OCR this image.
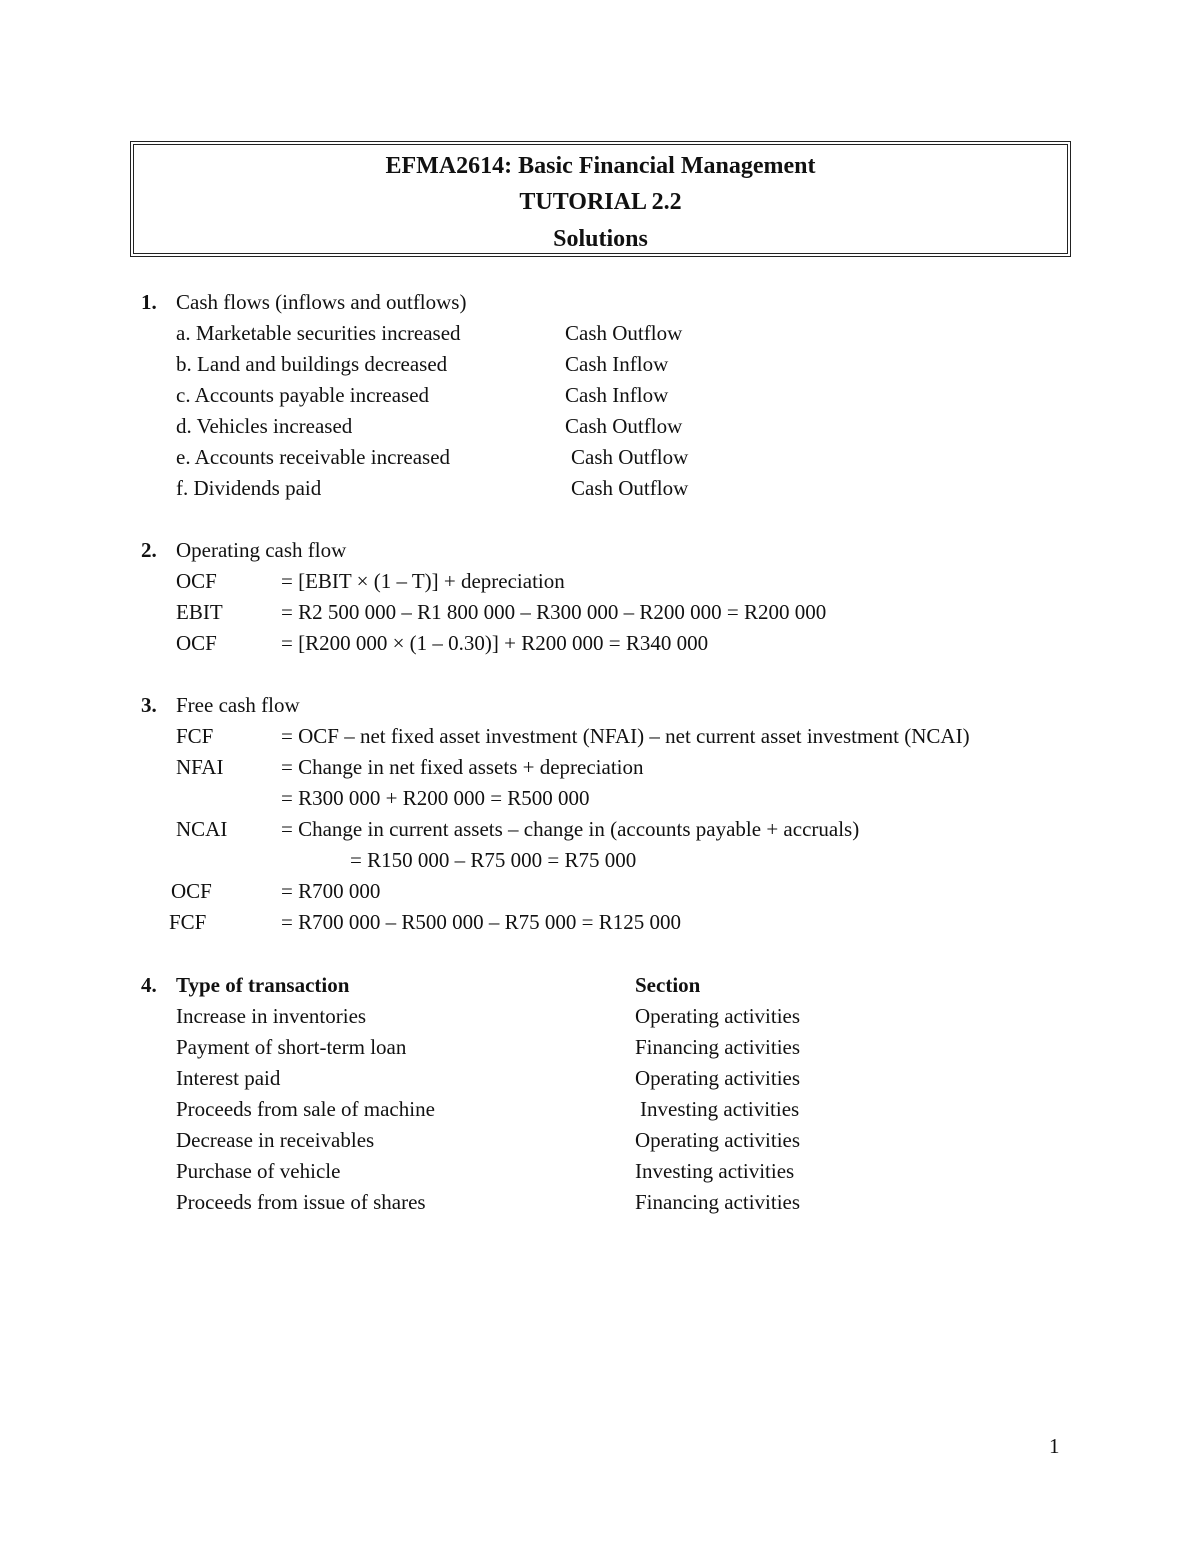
EFMA2614: Basic Financial Management
TUTORIAL 2.2
Solutions
1. Cash flows (inflows and outflows)
a. Marketable securities increased	Cash Outflow
b. Land and buildings decreased	Cash Inflow
c. Accounts payable increased	Cash Inflow
d. Vehicles increased	Cash Outflow
e. Accounts receivable increased	Cash Outflow
f. Dividends paid	Cash Outflow
2. Operating cash flow
OCF	= [EBIT × (1 – T)] + depreciation
EBIT	= R2 500 000 – R1 800 000 – R300 000 – R200 000 = R200 000
OCF	= [R200 000 × (1 – 0.30)] + R200 000 = R340 000
3. Free cash flow
FCF	= OCF – net fixed asset investment (NFAI) – net current asset investment (NCAI)
NFAI	= Change in net fixed assets + depreciation
= R300 000 + R200 000 = R500 000
NCAI	= Change in current assets – change in (accounts payable + accruals)
= R150 000 – R75 000 = R75 000
OCF	= R700 000
FCF	= R700 000 – R500 000 – R75 000 = R125 000
4. Type of transaction	Section
Increase in inventories	Operating activities
Payment of short-term loan	Financing activities
Interest paid	Operating activities
Proceeds from sale of machine	Investing activities
Decrease in receivables	Operating activities
Purchase of vehicle	Investing activities
Proceeds from issue of shares	Financing activities
1
